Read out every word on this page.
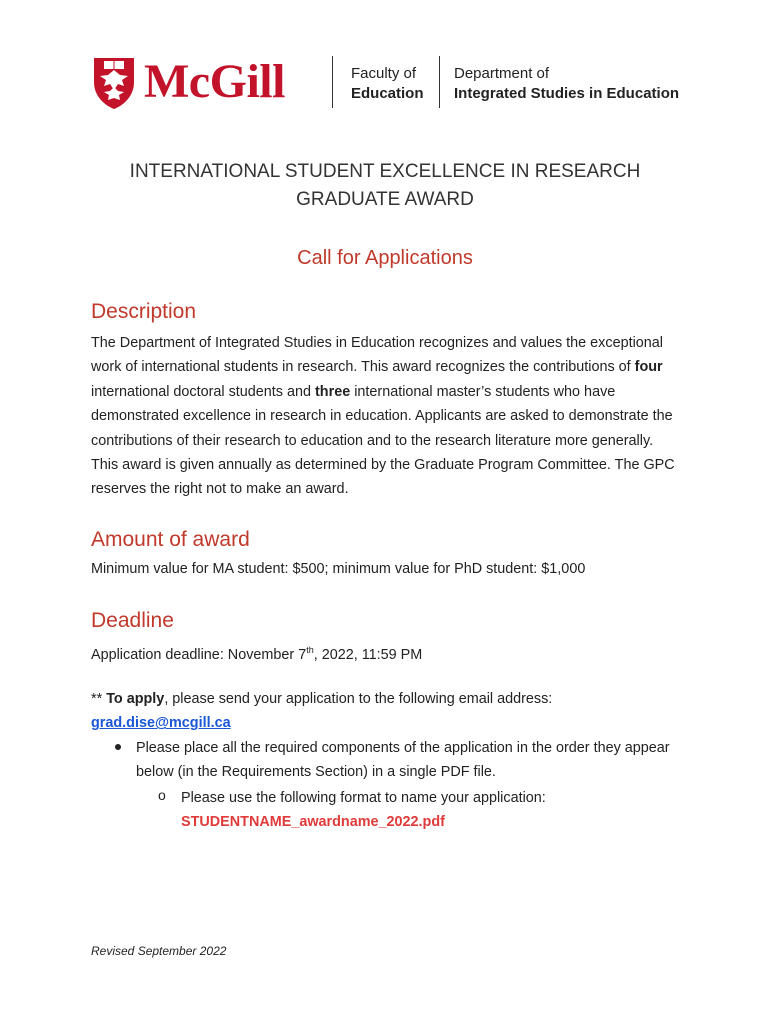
McGill	Faculty of
Education
Department of
Integrated Studies in Education
INTERNATIONAL STUDENT EXCELLENCE IN RESEARCH
GRADUATE AWARD
Call for Applications
Description
The Department of Integrated Studies in Education recognizes and values the exceptional work of international students in research. This award recognizes the contributions of four international doctoral students and three international master’s students who have demonstrated excellence in research in education. Applicants are asked to demonstrate the contributions of their research to education and to the research literature more generally. This award is given annually as determined by the Graduate Program Committee. The GPC reserves the right not to make an award.
Amount of award
Minimum value for MA student: $500; minimum value for PhD student: $1,000
Deadline
Application deadline: November 7th, 2022, 11:59 PM
** To apply, please send your application to the following email address:
grad.dise@mcgill.ca
Please place all the required components of the application in the order they appear below (in the Requirements Section) in a single PDF file.
o Please use the following format to name your application:
STUDENTNAME_awardname_2022.pdf
Revised September 2022
